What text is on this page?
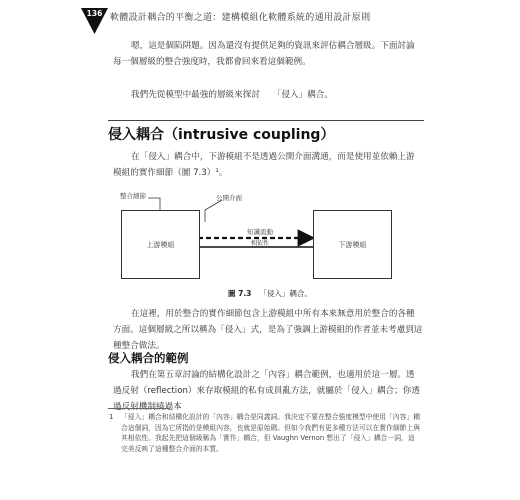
136 軟體設計耦合的平衡之道：建構模組化軟體系統的通用設計原則

嗯，這是個陷阱題。因為還沒有提供足夠的資訊來評估耦合層級。下面討論每一個層級的整合強度時，我都會回來看這個範例。

我們先從模型中最強的層級來探討　　「侵入」耦合。

侵入耦合（intrusive coupling）

在「侵入」耦合中，下游模組不是透過公開介面溝通，而是使用並依賴上游模組的實作細節（圖 7.3）¹。

整合細節	公開介面
上游模組	下游模組
知識流動
相依性
圖 7.3 「侵入」耦合。

在這裡，用於整合的實作細節包含上游模組中所有本來無意用於整合的各種方面。這個層級之所以稱為「侵入」式，是為了強調上游模組的作者並未考慮到這種整合做法。

侵入耦合的範例

我們在第五章討論的結構化設計之「內容」耦合範例，也適用於這一層。透過反射（reflection）來存取模組的私有成員亂方法，就屬於「侵入」耦合；你透過反射機制繞過本

1 「侵入」耦合和結構化設計的「內容」耦合是同義詞。我決定不要在整合強度模型中使用「內容」耦合這個詞，因為它所指的是模組內容，也就是原始碼。但如今我們有更多種方法可以在實作細節上與其相依性。我起先把這個級稱為「實作」耦合，但 Vaughn Vernon 想出了「侵入」耦合一詞，這完美反映了這種整合介面的本質。
